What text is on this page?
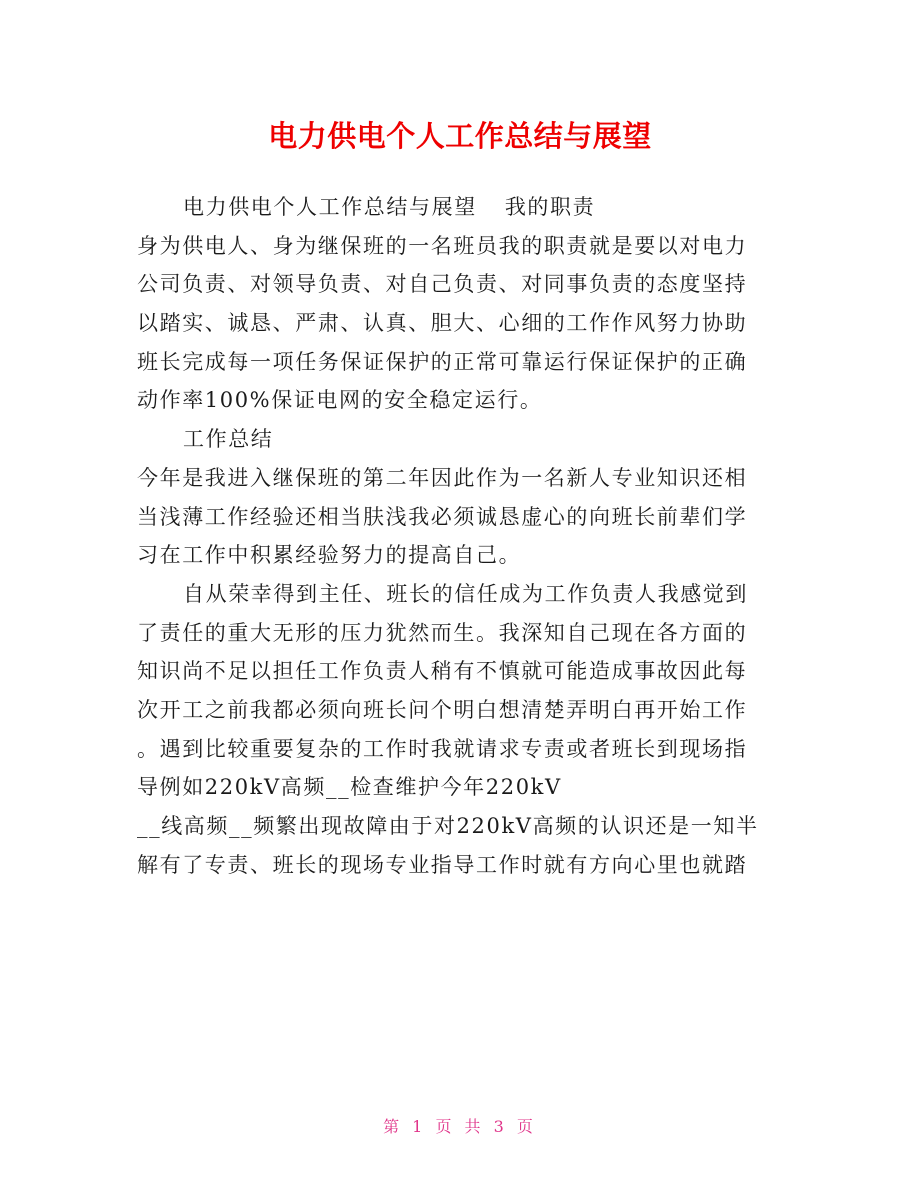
电力供电个人工作总结与展望
电力供电个人工作总结与展望 我的职责
身为供电人、身为继保班的一名班员我的职责就是要以对电力
公司负责、对领导负责、对自己负责、对同事负责的态度坚持
以踏实、诚恳、严肃、认真、胆大、心细的工作作风努力协助
班长完成每一项任务保证保护的正常可靠运行保证保护的正确
动作率100%保证电网的安全稳定运行。
工作总结
今年是我进入继保班的第二年因此作为一名新人专业知识还相
当浅薄工作经验还相当肤浅我必须诚恳虚心的向班长前辈们学
习在工作中积累经验努力的提高自己。
自从荣幸得到主任、班长的信任成为工作负责人我感觉到
了责任的重大无形的压力犹然而生。我深知自己现在各方面的
知识尚不足以担任工作负责人稍有不慎就可能造成事故因此每
次开工之前我都必须向班长问个明白想清楚弄明白再开始工作
。遇到比较重要复杂的工作时我就请求专责或者班长到现场指
导例如220kV高频__检查维护今年220kV
__线高频__频繁出现故障由于对220kV高频的认识还是一知半
解有了专责、班长的现场专业指导工作时就有方向心里也就踏
第 1 页 共 3 页
